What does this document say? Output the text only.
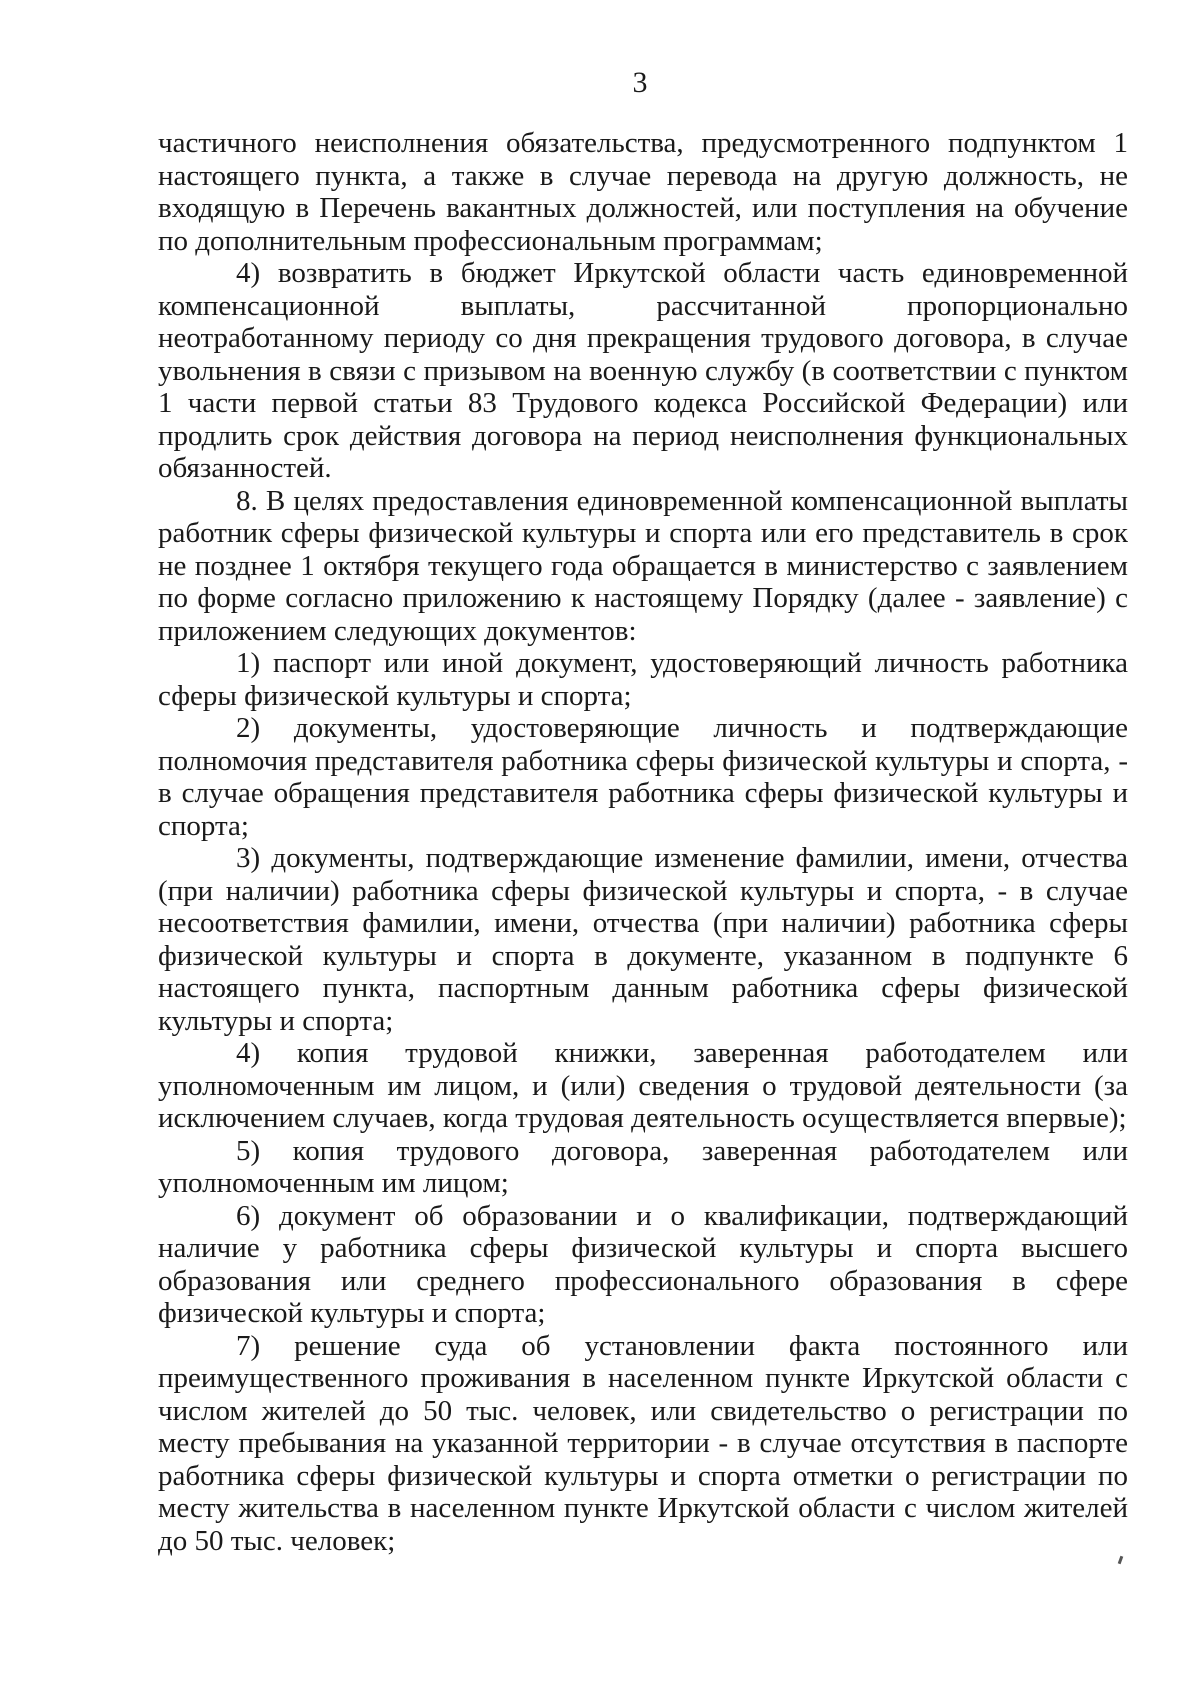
3

частичного неисполнения обязательства, предусмотренного подпунктом 1 настоящего пункта, а также в случае перевода на другую должность, не входящую в Перечень вакантных должностей, или поступления на обучение по дополнительным профессиональным программам;

4) возвратить в бюджет Иркутской области часть единовременной компенсационной выплаты, рассчитанной пропорционально неотработанному периоду со дня прекращения трудового договора, в случае увольнения в связи с призывом на военную службу (в соответствии с пунктом 1 части первой статьи 83 Трудового кодекса Российской Федерации) или продлить срок действия договора на период неисполнения функциональных обязанностей.

8. В целях предоставления единовременной компенсационной выплаты работник сферы физической культуры и спорта или его представитель в срок не позднее 1 октября текущего года обращается в министерство с заявлением по форме согласно приложению к настоящему Порядку (далее - заявление) с приложением следующих документов:

1) паспорт или иной документ, удостоверяющий личность работника сферы физической культуры и спорта;

2) документы, удостоверяющие личность и подтверждающие полномочия представителя работника сферы физической культуры и спорта, - в случае обращения представителя работника сферы физической культуры и спорта;

3) документы, подтверждающие изменение фамилии, имени, отчества (при наличии) работника сферы физической культуры и спорта, - в случае несоответствия фамилии, имени, отчества (при наличии) работника сферы физической культуры и спорта в документе, указанном в подпункте 6 настоящего пункта, паспортным данным работника сферы физической культуры и спорта;

4) копия трудовой книжки, заверенная работодателем или уполномоченным им лицом, и (или) сведения о трудовой деятельности (за исключением случаев, когда трудовая деятельность осуществляется впервые);

5) копия трудового договора, заверенная работодателем или уполномоченным им лицом;

6) документ об образовании и о квалификации, подтверждающий наличие у работника сферы физической культуры и спорта высшего образования или среднего профессионального образования в сфере физической культуры и спорта;

7) решение суда об установлении факта постоянного или преимущественного проживания в населенном пункте Иркутской области с числом жителей до 50 тыс. человек, или свидетельство о регистрации по месту пребывания на указанной территории - в случае отсутствия в паспорте работника сферы физической культуры и спорта отметки о регистрации по месту жительства в населенном пункте Иркутской области с числом жителей до 50 тыс. человек;
